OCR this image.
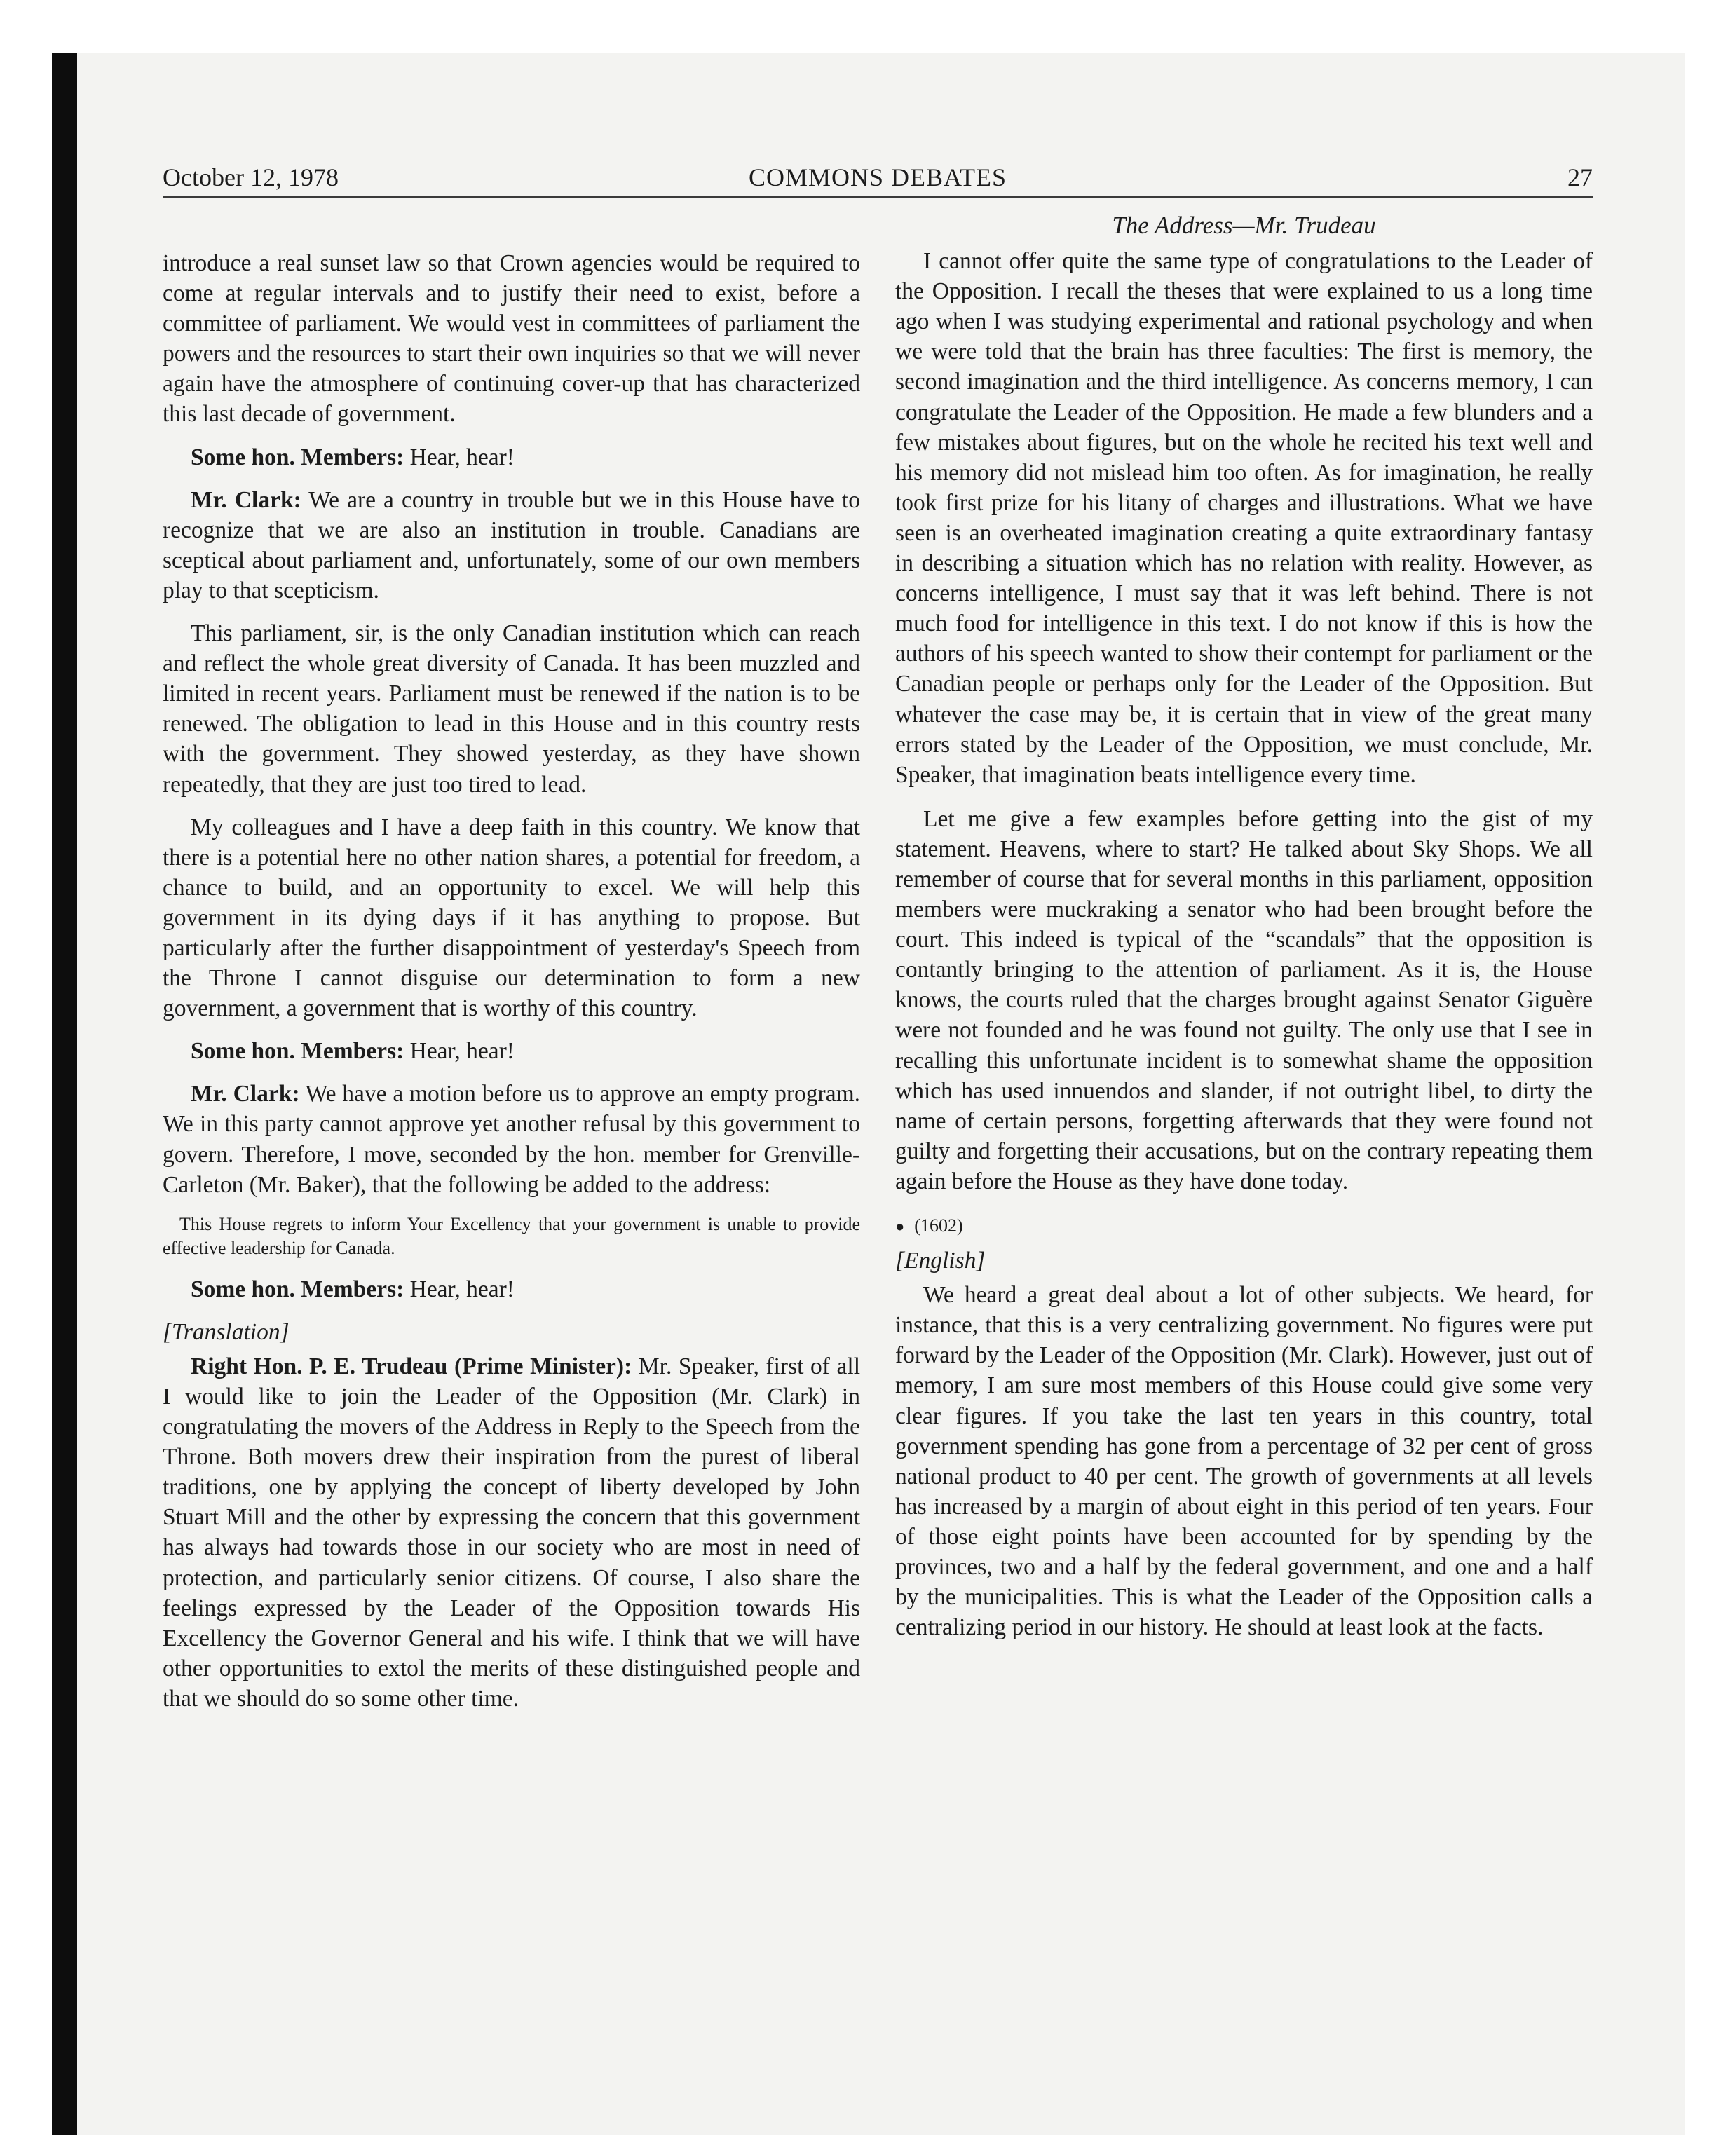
October 12, 1978	COMMONS DEBATES	27

introduce a real sunset law so that Crown agencies would be required to come at regular intervals and to justify their need to exist, before a committee of parliament. We would vest in committees of parliament the powers and the resources to start their own inquiries so that we will never again have the atmosphere of continuing cover-up that has characterized this last decade of government.

Some hon. Members: Hear, hear!

Mr. Clark: We are a country in trouble but we in this House have to recognize that we are also an institution in trouble. Canadians are sceptical about parliament and, unfortunately, some of our own members play to that scepticism.

This parliament, sir, is the only Canadian institution which can reach and reflect the whole great diversity of Canada. It has been muzzled and limited in recent years. Parliament must be renewed if the nation is to be renewed. The obligation to lead in this House and in this country rests with the government. They showed yesterday, as they have shown repeatedly, that they are just too tired to lead.

My colleagues and I have a deep faith in this country. We know that there is a potential here no other nation shares, a potential for freedom, a chance to build, and an opportunity to excel. We will help this government in its dying days if it has anything to propose. But particularly after the further disappointment of yesterday's Speech from the Throne I cannot disguise our determination to form a new government, a government that is worthy of this country.

Some hon. Members: Hear, hear!

Mr. Clark: We have a motion before us to approve an empty program. We in this party cannot approve yet another refusal by this government to govern. Therefore, I move, seconded by the hon. member for Grenville-Carleton (Mr. Baker), that the following be added to the address:

This House regrets to inform Your Excellency that your government is unable to provide effective leadership for Canada.

Some hon. Members: Hear, hear!

[Translation]

Right Hon. P. E. Trudeau (Prime Minister): Mr. Speaker, first of all I would like to join the Leader of the Opposition (Mr. Clark) in congratulating the movers of the Address in Reply to the Speech from the Throne. Both movers drew their inspiration from the purest of liberal traditions, one by applying the concept of liberty developed by John Stuart Mill and the other by expressing the concern that this government has always had towards those in our society who are most in need of protection, and particularly senior citizens. Of course, I also share the feelings expressed by the Leader of the Opposition towards His Excellency the Governor General and his wife. I think that we will have other opportunities to extol the merits of these distinguished people and that we should do so some other time.

The Address—Mr. Trudeau

I cannot offer quite the same type of congratulations to the Leader of the Opposition. I recall the theses that were explained to us a long time ago when I was studying experimental and rational psychology and when we were told that the brain has three faculties: The first is memory, the second imagination and the third intelligence. As concerns memory, I can congratulate the Leader of the Opposition. He made a few blunders and a few mistakes about figures, but on the whole he recited his text well and his memory did not mislead him too often. As for imagination, he really took first prize for his litany of charges and illustrations. What we have seen is an overheated imagination creating a quite extraordinary fantasy in describing a situation which has no relation with reality. However, as concerns intelligence, I must say that it was left behind. There is not much food for intelligence in this text. I do not know if this is how the authors of his speech wanted to show their contempt for parliament or the Canadian people or perhaps only for the Leader of the Opposition. But whatever the case may be, it is certain that in view of the great many errors stated by the Leader of the Opposition, we must conclude, Mr. Speaker, that imagination beats intelligence every time.

Let me give a few examples before getting into the gist of my statement. Heavens, where to start? He talked about Sky Shops. We all remember of course that for several months in this parliament, opposition members were muckraking a senator who had been brought before the court. This indeed is typical of the “scandals” that the opposition is contantly bringing to the attention of parliament. As it is, the House knows, the courts ruled that the charges brought against Senator Giguère were not founded and he was found not guilty. The only use that I see in recalling this unfortunate incident is to somewhat shame the opposition which has used innuendos and slander, if not outright libel, to dirty the name of certain persons, forgetting afterwards that they were found not guilty and forgetting their accusations, but on the contrary repeating them again before the House as they have done today.

● (1602)

[English]

We heard a great deal about a lot of other subjects. We heard, for instance, that this is a very centralizing government. No figures were put forward by the Leader of the Opposition (Mr. Clark). However, just out of memory, I am sure most members of this House could give some very clear figures. If you take the last ten years in this country, total government spending has gone from a percentage of 32 per cent of gross national product to 40 per cent. The growth of governments at all levels has increased by a margin of about eight in this period of ten years. Four of those eight points have been accounted for by spending by the provinces, two and a half by the federal government, and one and a half by the municipalities. This is what the Leader of the Opposition calls a centralizing period in our history. He should at least look at the facts.
